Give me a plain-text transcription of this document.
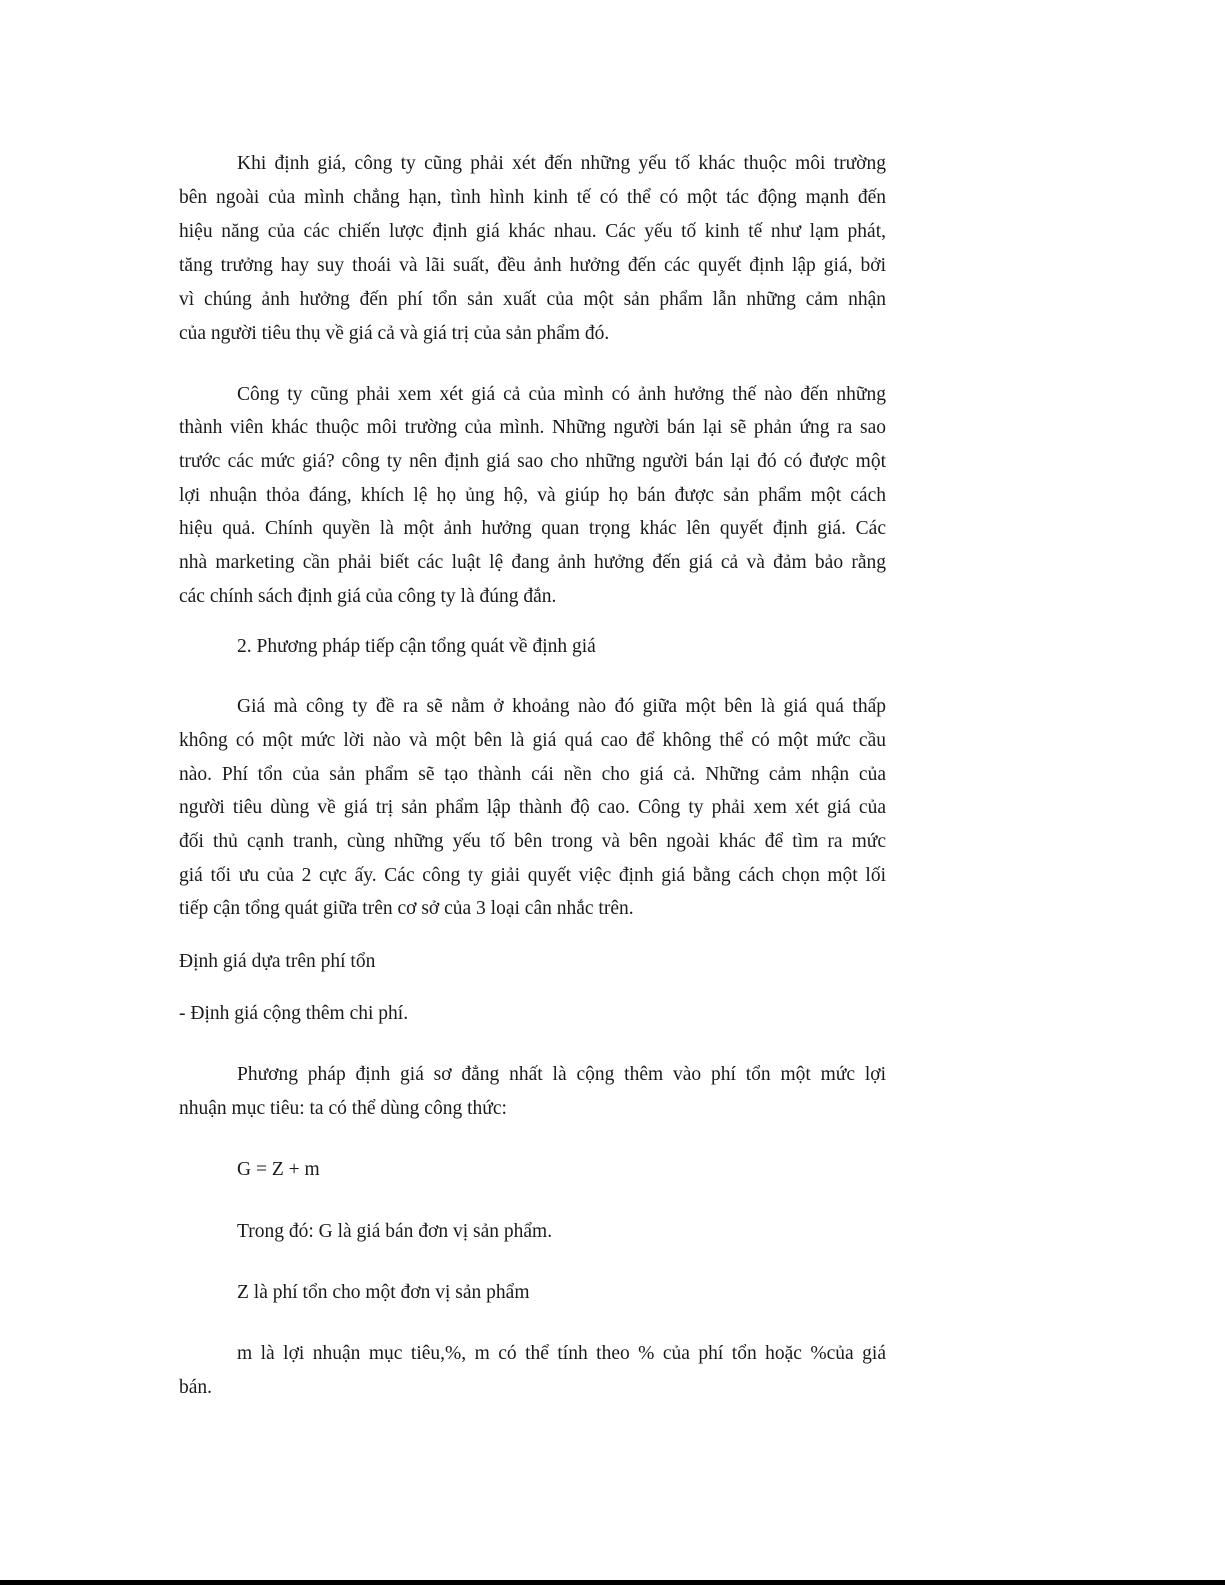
Khi định giá, công ty cũng phải xét đến những yếu tố khác thuộc môi trường
bên ngoài của mình chẳng hạn, tình hình kinh tế có thể có một tác động mạnh đến
hiệu năng của các chiến lược định giá khác nhau. Các yếu tố kinh tế như lạm phát,
tăng trưởng hay suy thoái và lãi suất, đều ảnh hưởng đến các quyết định lập giá, bởi
vì chúng ảnh hưởng đến phí tổn sản xuất của một sản phẩm lẫn những cảm nhận
của người tiêu thụ về giá cả và giá trị của sản phẩm đó.
Công ty cũng phải xem xét giá cả của mình có ảnh hưởng thế nào đến những
thành viên khác thuộc môi trường của mình. Những người bán lại sẽ phản ứng ra sao
trước các mức giá? công ty nên định giá sao cho những người bán lại đó có được một
lợi nhuận thỏa đáng, khích lệ họ ủng hộ, và giúp họ bán được sản phẩm một cách
hiệu quả. Chính quyền là một ảnh hưởng quan trọng khác lên quyết định giá. Các
nhà marketing cần phải biết các luật lệ đang ảnh hưởng đến giá cả và đảm bảo rằng
các chính sách định giá của công ty là đúng đắn.
2. Phương pháp tiếp cận tổng quát về định giá
Giá mà công ty đề ra sẽ nằm ở khoảng nào đó giữa một bên là giá quá thấp
không có một mức lời nào và một bên là giá quá cao để không thể có một mức cầu
nào. Phí tổn của sản phẩm sẽ tạo thành cái nền cho giá cả. Những cảm nhận của
người tiêu dùng về giá trị sản phẩm lập thành độ cao. Công ty phải xem xét giá của
đối thủ cạnh tranh, cùng những yếu tố bên trong và bên ngoài khác để tìm ra mức
giá tối ưu của 2 cực ấy. Các công ty giải quyết việc định giá bằng cách chọn một lối
tiếp cận tổng quát giữa trên cơ sở của 3 loại cân nhắc trên.
Định giá dựa trên phí tổn
- Định giá cộng thêm chi phí.
Phương pháp định giá sơ đẳng nhất là cộng thêm vào phí tổn một mức lợi
nhuận mục tiêu: ta có thể dùng công thức:
G = Z + m
Trong đó: G là giá bán đơn vị sản phẩm.
Z là phí tổn cho một đơn vị sản phẩm
m là lợi nhuận mục tiêu,%, m có thể tính theo % của phí tổn hoặc %của giá
bán.
